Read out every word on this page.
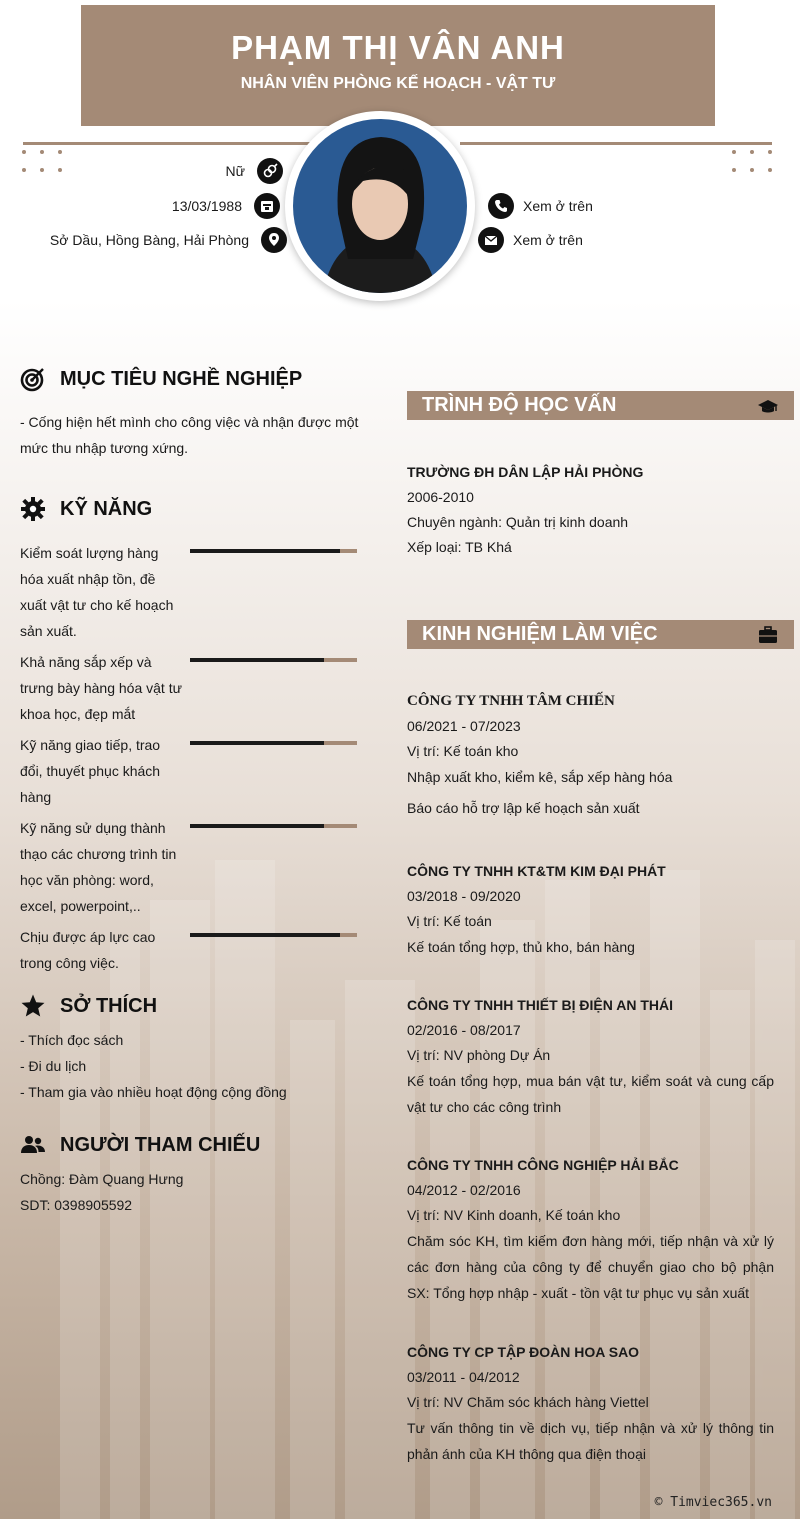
PHẠM THỊ VÂN ANH
NHÂN VIÊN PHÒNG KẾ HOẠCH - VẬT TƯ
Nữ
13/03/1988
Sở Dầu, Hồng Bàng, Hải Phòng
Xem ở trên
Xem ở trên
MỤC TIÊU NGHỀ NGHIỆP
- Cống hiện hết mình cho công việc và nhận được một mức thu nhập tương xứng.
KỸ NĂNG
Kiểm soát lượng hàng hóa xuất nhập tồn, đề xuất vật tư cho kế hoạch sản xuất.
Khả năng sắp xếp và trưng bày hàng hóa vật tư khoa học, đẹp mắt
Kỹ năng giao tiếp, trao đổi, thuyết phục khách hàng
Kỹ năng sử dụng thành thạo các chương trình tin học văn phòng: word, excel, powerpoint,..
Chịu được áp lực cao trong công việc.
SỞ THÍCH
- Thích đọc sách
- Đi du lịch
- Tham gia vào nhiều hoạt động cộng đồng
NGƯỜI THAM CHIẾU
Chồng: Đàm Quang Hưng
SDT: 0398905592
TRÌNH ĐỘ HỌC VẤN
TRƯỜNG ĐH DÂN LẬP HẢI PHÒNG
2006-2010
Chuyên ngành: Quản trị kinh doanh
Xếp loại: TB Khá
KINH NGHIỆM LÀM VIỆC
CÔNG TY TNHH TÂM CHIẾN
06/2021 - 07/2023
Vị trí: Kế toán kho
Nhập xuất kho, kiểm kê, sắp xếp hàng hóa
Báo cáo hỗ trợ lập kế hoạch sản xuất
CÔNG TY TNHH KT&TM KIM ĐẠI PHÁT
03/2018 - 09/2020
Vị trí: Kế toán
Kế toán tổng hợp, thủ kho, bán hàng
CÔNG TY TNHH THIẾT BỊ ĐIỆN AN THÁI
02/2016 - 08/2017
Vị trí: NV phòng Dự Án
Kế toán tổng hợp, mua bán vật tư, kiểm soát và cung cấp vật tư cho các công trình
CÔNG TY TNHH CÔNG NGHIỆP HẢI BẮC
04/2012 - 02/2016
Vị trí: NV Kinh doanh, Kế toán kho
Chăm sóc KH, tìm kiếm đơn hàng mới, tiếp nhận và xử lý các đơn hàng của công ty để chuyển giao cho bộ phận SX: Tổng hợp nhập - xuất - tồn vật tư phục vụ sản xuất
CÔNG TY CP TẬP ĐOÀN HOA SAO
03/2011 - 04/2012
Vị trí: NV Chăm sóc khách hàng Viettel
Tư vấn thông tin về dịch vụ, tiếp nhận và xử lý thông tin phản ánh của KH thông qua điện thoại
© Timviec365.vn
